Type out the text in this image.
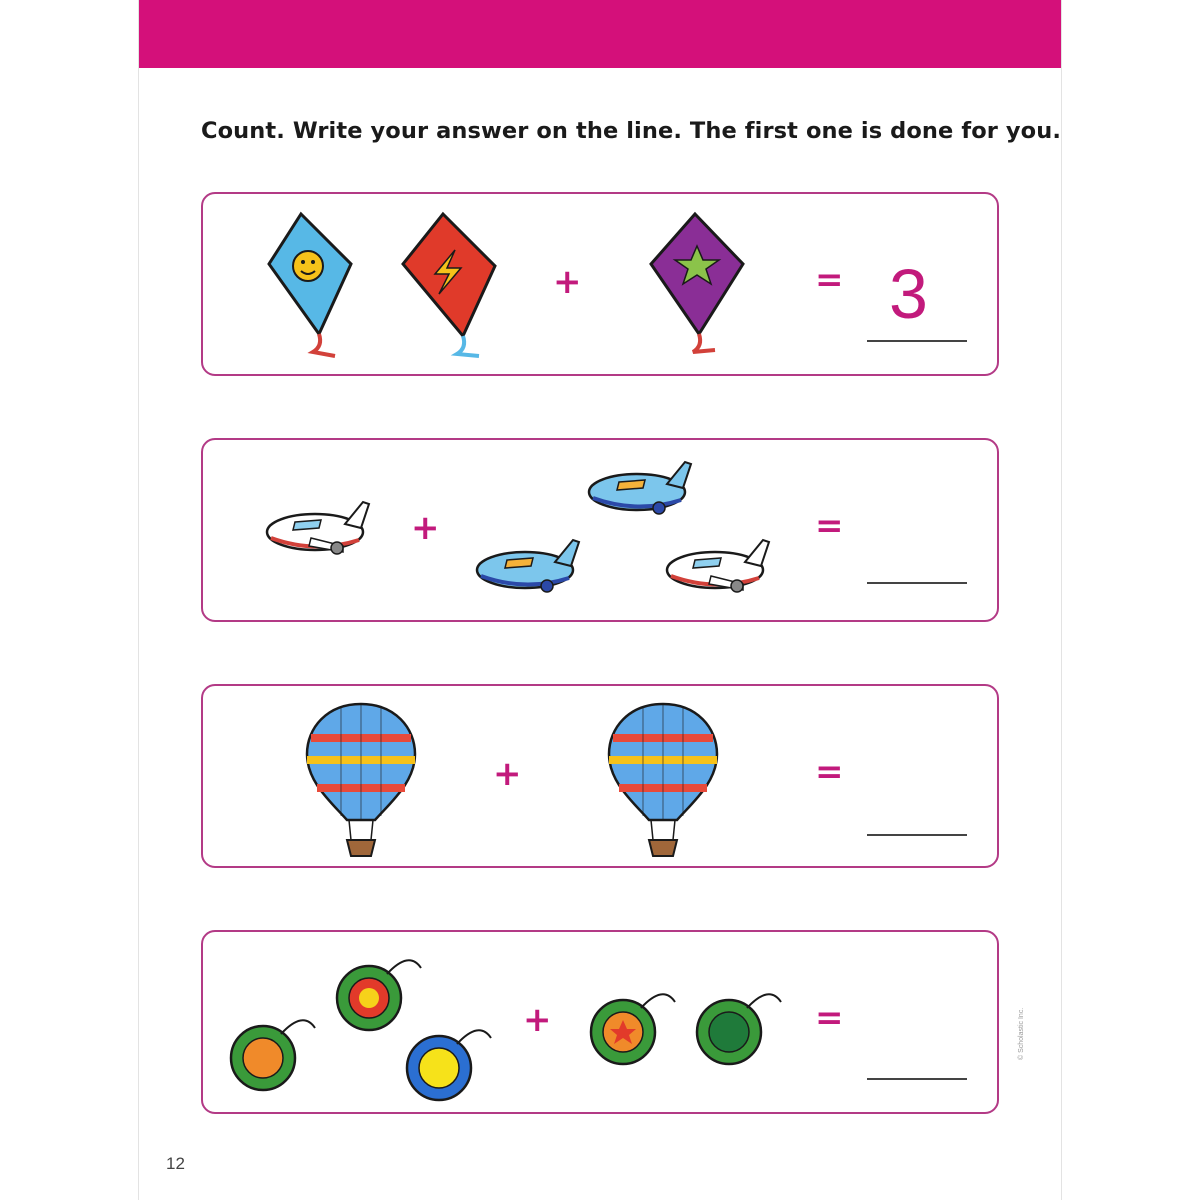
Count. Write your answer on the line. The first one is done for you.
+	= 3
+	=
+	=
+	=
12
© Scholastic Inc.
